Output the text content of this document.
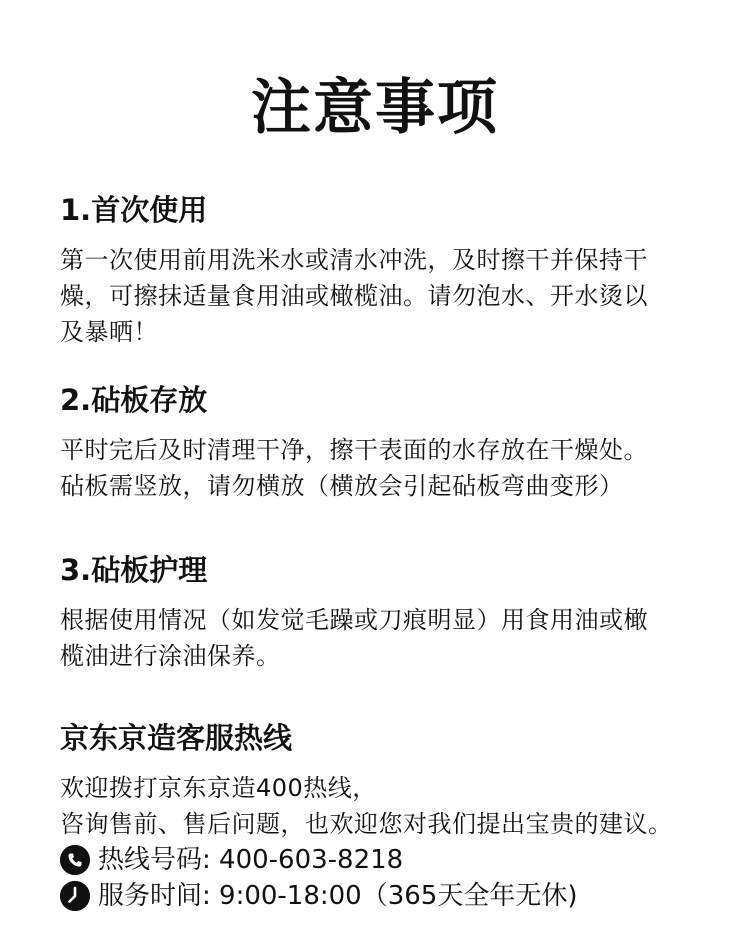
注意事项

1.首次使用

第一次使用前用洗米水或清水冲洗，及时擦干并保持干
燥，可擦抹适量食用油或橄榄油。请勿泡水、开水烫以
及暴晒！

2.砧板存放

平时完后及时清理干净，擦干表面的水存放在干燥处。
砧板需竖放，请勿横放（横放会引起砧板弯曲变形）

3.砧板护理

根据使用情况（如发觉毛躁或刀痕明显）用食用油或橄
榄油进行涂油保养。

京东京造客服热线

欢迎拨打京东京造400热线，
咨询售前、售后问题，也欢迎您对我们提出宝贵的建议。

热线号码: 400-603-8218
服务时间: 9:00-18:00（365天全年无休)
